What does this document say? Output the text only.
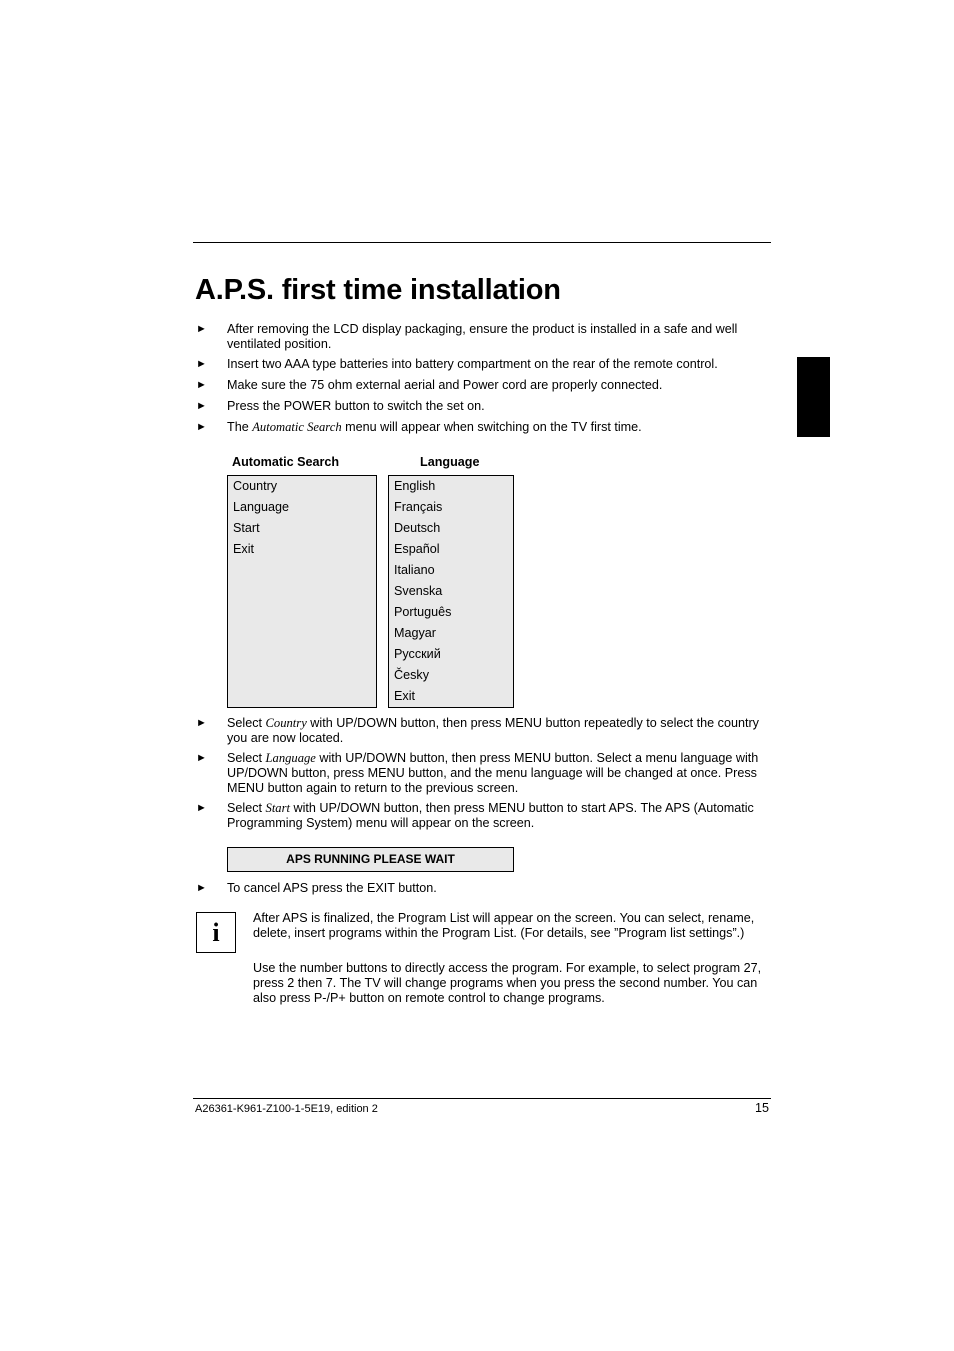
A.P.S. first time installation
► After removing the LCD display packaging, ensure the product is installed in a safe and well ventilated position.
► Insert two AAA type batteries into battery compartment on the rear of the remote control.
► Make sure the 75 ohm external aerial and Power cord are properly connected.
► Press the POWER button to switch the set on.
► The Automatic Search menu will appear when switching on the TV first time.
Automatic Search
Country
Language
Start
Exit
Language
English
Français
Deutsch
Español
Italiano
Svenska
Português
Magyar
Русский
Česky
Exit
► Select Country with UP/DOWN button, then press MENU button repeatedly to select the country you are now located.
► Select Language with UP/DOWN button, then press MENU button. Select a menu language with UP/DOWN button, press MENU button, and the menu language will be changed at once. Press MENU button again to return to the previous screen.
► Select Start with UP/DOWN button, then press MENU button to start APS. The APS (Automatic Programming System) menu will appear on the screen.
APS RUNNING PLEASE WAIT
► To cancel APS press the EXIT button.
i	After APS is finalized, the Program List will appear on the screen. You can select, rename, delete, insert programs within the Program List. (For details, see ”Program list settings”.)
Use the number buttons to directly access the program. For example, to select program 27, press 2 then 7. The TV will change programs when you press the second number. You can also press P-/P+ button on remote control to change programs.
A26361-K961-Z100-1-5E19, edition 2	15
